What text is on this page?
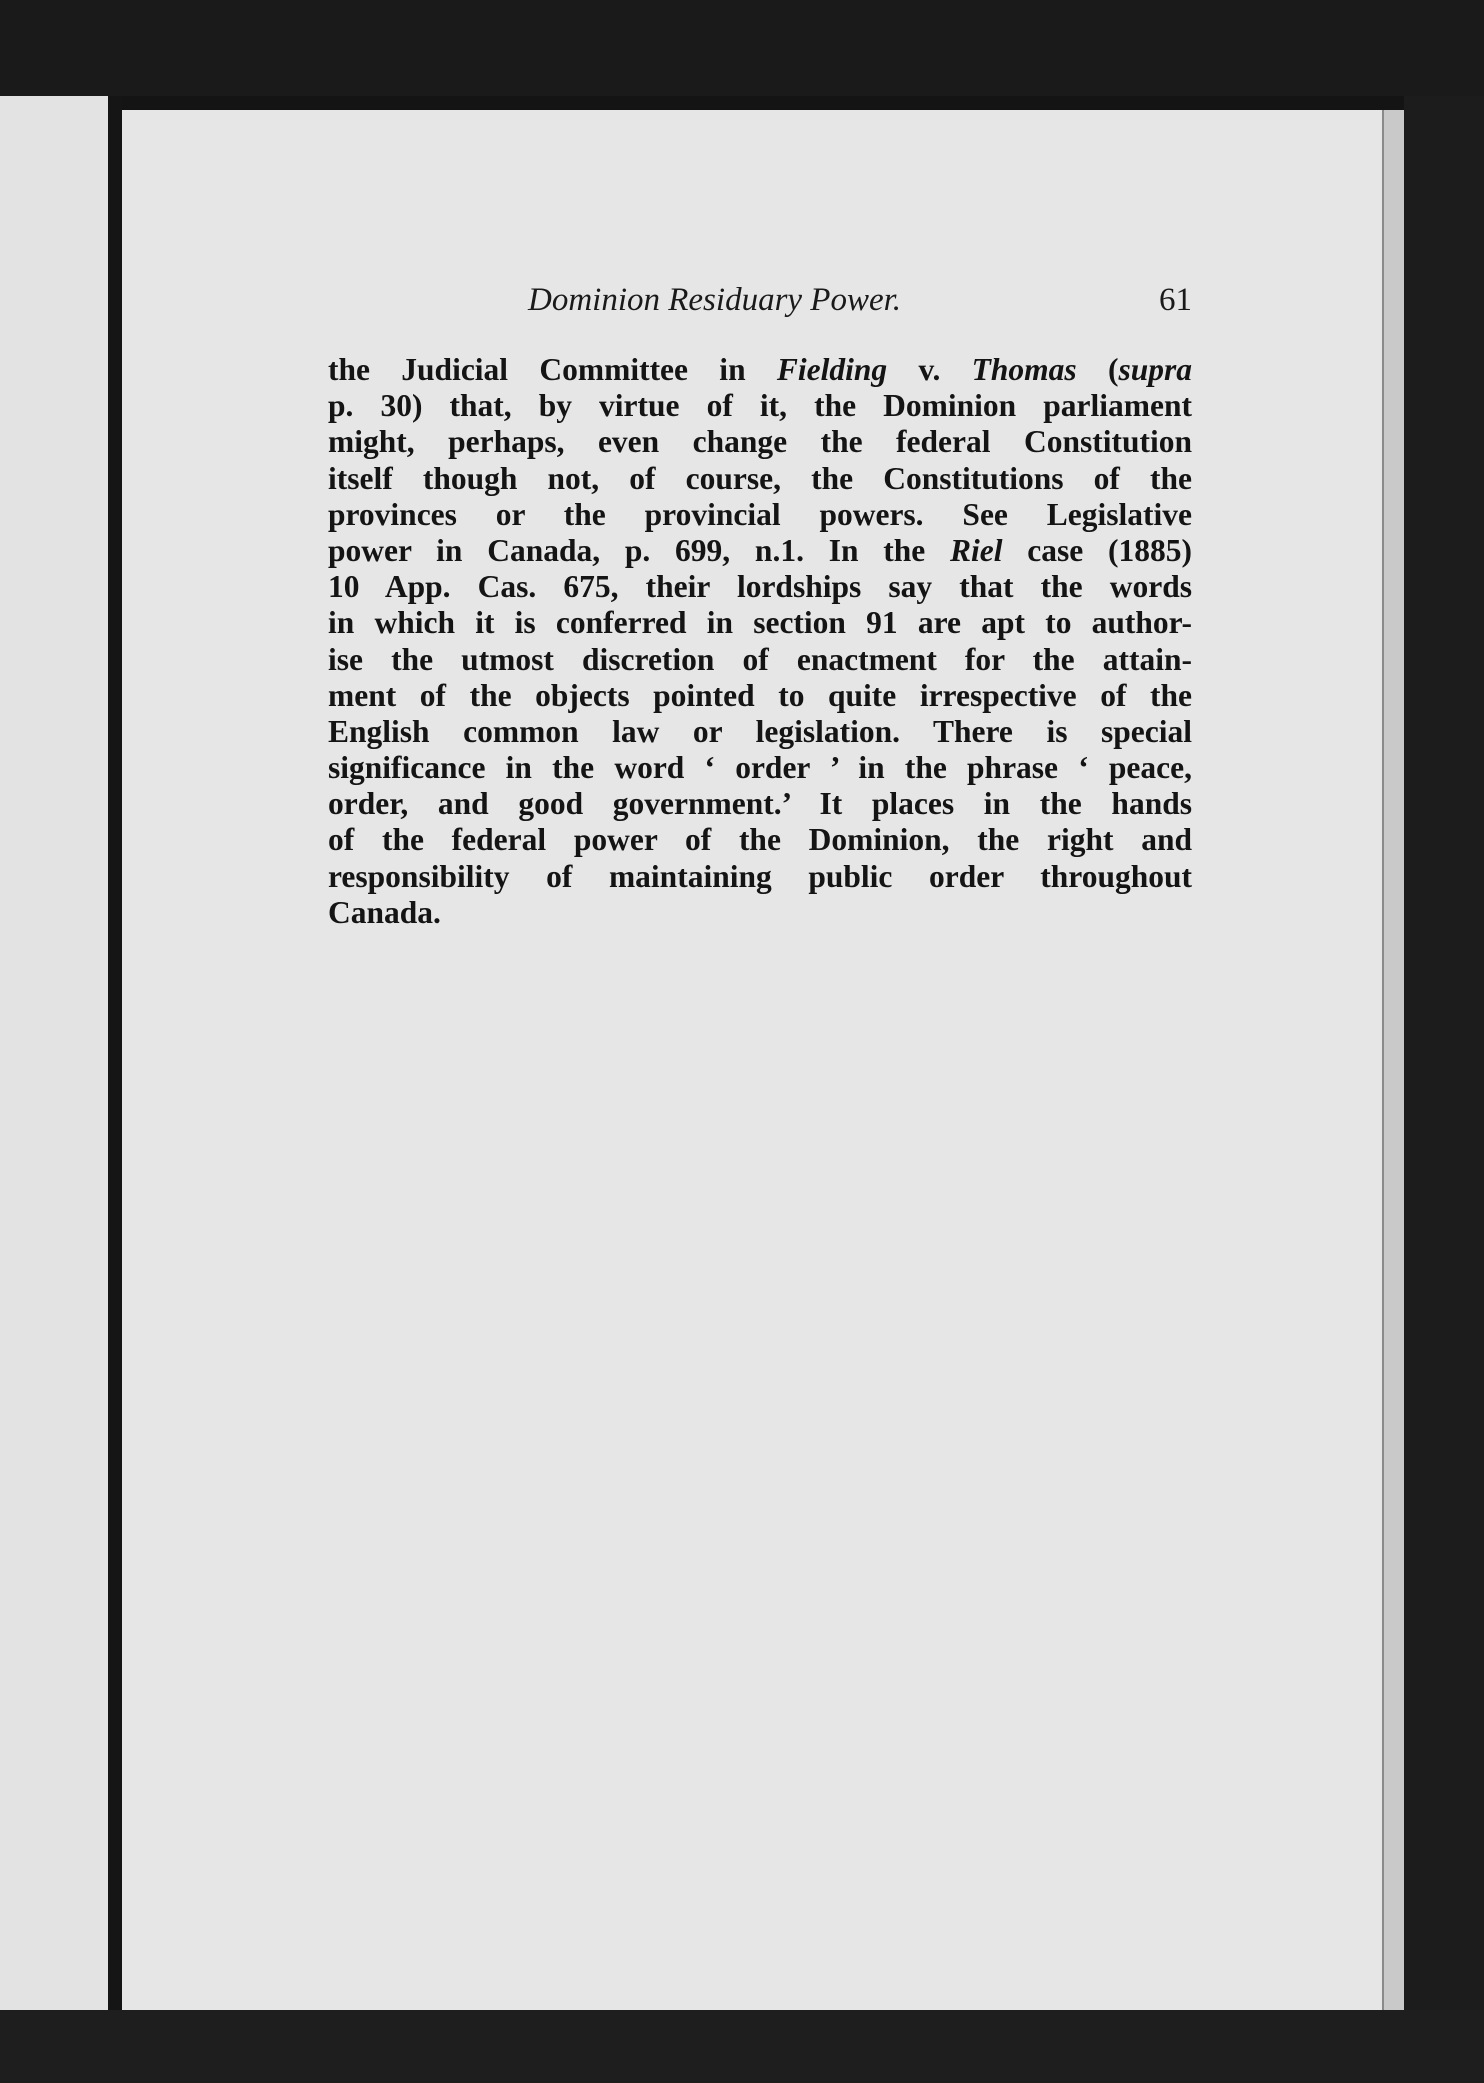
Dominion Residuary Power.	61
the Judicial Committee in Fielding v. Thomas (supra
p. 30) that, by virtue of it, the Dominion parliament
might, perhaps, even change the federal Constitution
itself though not, of course, the Constitutions of the
provinces or the provincial powers. See Legislative
power in Canada, p. 699, n.1. In the Riel case (1885)
10 App. Cas. 675, their lordships say that the words
in which it is conferred in section 91 are apt to author-
ise the utmost discretion of enactment for the attain-
ment of the objects pointed to quite irrespective of the
English common law or legislation. There is special
significance in the word ‘ order ’ in the phrase ‘ peace,
order, and good government.’ It places in the hands
of the federal power of the Dominion, the right and
responsibility of maintaining public order throughout
Canada.
